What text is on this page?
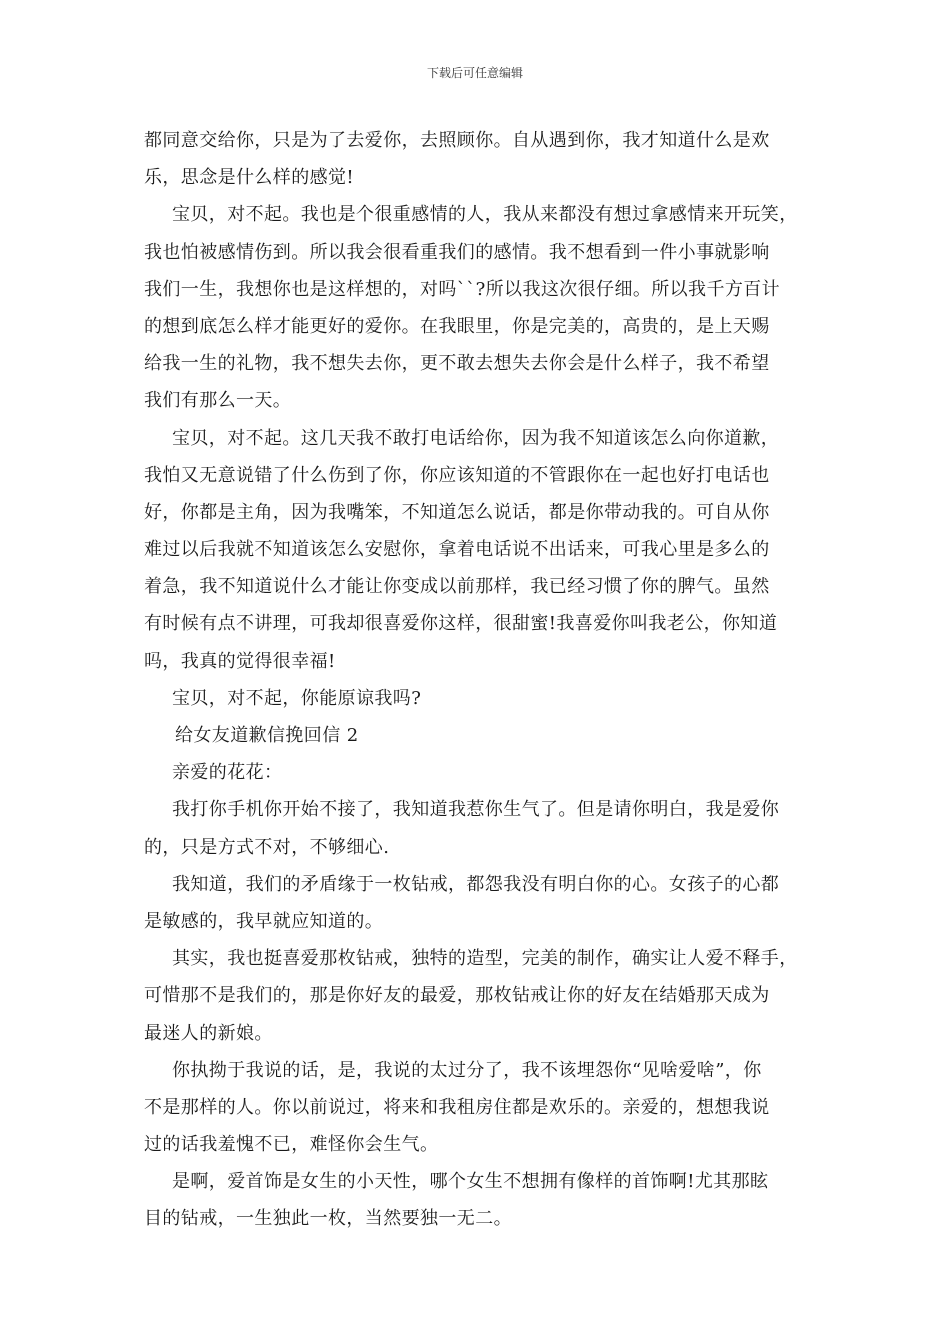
下载后可任意编辑
都同意交给你，只是为了去爱你，去照顾你。自从遇到你，我才知道什么是欢
乐，思念是什么样的感觉!
宝贝，对不起。我也是个很重感情的人，我从来都没有想过拿感情来开玩笑，
我也怕被感情伤到。所以我会很看重我们的感情。我不想看到一件小事就影响
我们一生，我想你也是这样想的，对吗``?所以我这次很仔细。所以我千方百计
的想到底怎么样才能更好的爱你。在我眼里，你是完美的，高贵的，是上天赐
给我一生的礼物，我不想失去你，更不敢去想失去你会是什么样子，我不希望
我们有那么一天。
宝贝，对不起。这几天我不敢打电话给你，因为我不知道该怎么向你道歉，
我怕又无意说错了什么伤到了你，你应该知道的不管跟你在一起也好打电话也
好，你都是主角，因为我嘴笨，不知道怎么说话，都是你带动我的。可自从你
难过以后我就不知道该怎么安慰你，拿着电话说不出话来，可我心里是多么的
着急，我不知道说什么才能让你变成以前那样，我已经习惯了你的脾气。虽然
有时候有点不讲理，可我却很喜爱你这样，很甜蜜!我喜爱你叫我老公，你知道
吗，我真的觉得很幸福!
宝贝，对不起，你能原谅我吗?
给女友道歉信挽回信 2
亲爱的花花：
我打你手机你开始不接了，我知道我惹你生气了。但是请你明白，我是爱你
的，只是方式不对，不够细心.
我知道，我们的矛盾缘于一枚钻戒，都怨我没有明白你的心。女孩子的心都
是敏感的，我早就应知道的。
其实，我也挺喜爱那枚钻戒，独特的造型，完美的制作，确实让人爱不释手，
可惜那不是我们的，那是你好友的最爱，那枚钻戒让你的好友在结婚那天成为
最迷人的新娘。
你执拗于我说的话，是，我说的太过分了，我不该埋怨你“见啥爱啥”，你
不是那样的人。你以前说过，将来和我租房住都是欢乐的。亲爱的，想想我说
过的话我羞愧不已，难怪你会生气。
是啊，爱首饰是女生的小天性，哪个女生不想拥有像样的首饰啊!尤其那眩
目的钻戒，一生独此一枚，当然要独一无二。
